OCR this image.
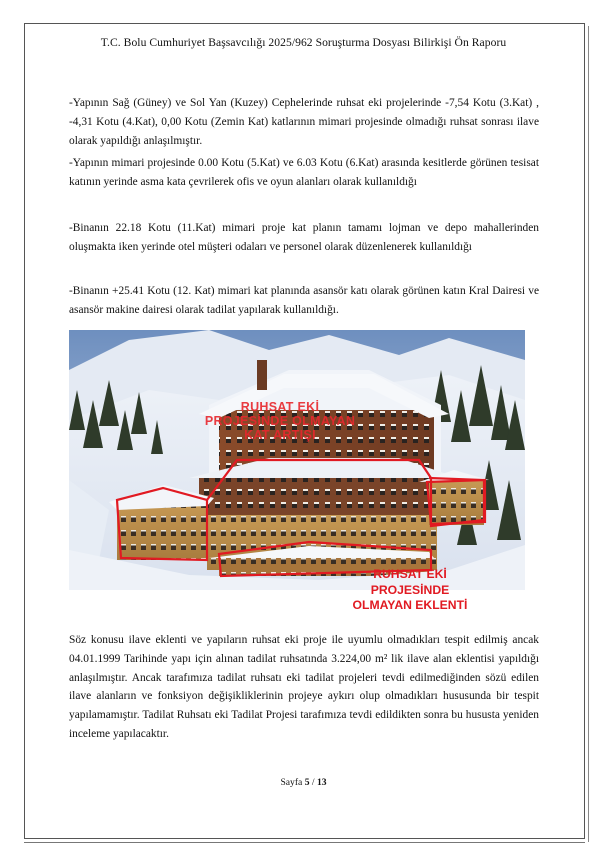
T.C. Bolu Cumhuriyet Başsavcılığı 2025/962 Soruşturma Dosyası Bilirkişi Ön Raporu

-Yapının Sağ (Güney) ve Sol Yan (Kuzey) Cephelerinde ruhsat eki projelerinde -7,54 Kotu (3.Kat) , -4,31 Kotu (4.Kat), 0,00 Kotu (Zemin Kat) katlarının mimari projesinde olmadığı ruhsat sonrası ilave olarak yapıldığı anlaşılmıştır.

-Yapının mimari projesinde 0.00 Kotu (5.Kat) ve 6.03 Kotu (6.Kat) arasında kesitlerde görünen tesisat katının yerinde asma kata çevrilerek ofis ve oyun alanları olarak kullanıldığı

-Binanın 22.18 Kotu (11.Kat) mimari proje kat planın tamamı lojman ve depo mahallerinden oluşmakta iken yerinde otel müşteri odaları ve personel olarak düzenlenerek kullanıldığı

-Binanın +25.41 Kotu (12. Kat) mimari kat planında asansör katı olarak görünen katın Kral Dairesi ve asansör makine dairesi olarak tadilat yapılarak kullanıldığı.

RUHSAT EKİ
PROJESİNDE OLMAYAN
KAT ARTIŞI
RUHSAT EKİ
PROJESİNDE
OLMAYAN EKLENTİ

Söz konusu ilave eklenti ve yapıların ruhsat eki proje ile uyumlu olmadıkları tespit edilmiş ancak 04.01.1999 Tarihinde yapı için alınan tadilat ruhsatında 3.224,00 m² lik ilave alan eklentisi yapıldığı anlaşılmıştır. Ancak tarafımıza tadilat ruhsatı eki tadilat projeleri tevdi edilmediğinden sözü edilen ilave alanların ve fonksiyon değişikliklerinin projeye aykırı olup olmadıkları hususunda bir tespit yapılamamıştır. Tadilat Ruhsatı eki Tadilat Projesi tarafımıza tevdi edildikten sonra bu hususta yeniden inceleme yapılacaktır.

Sayfa 5 / 13
